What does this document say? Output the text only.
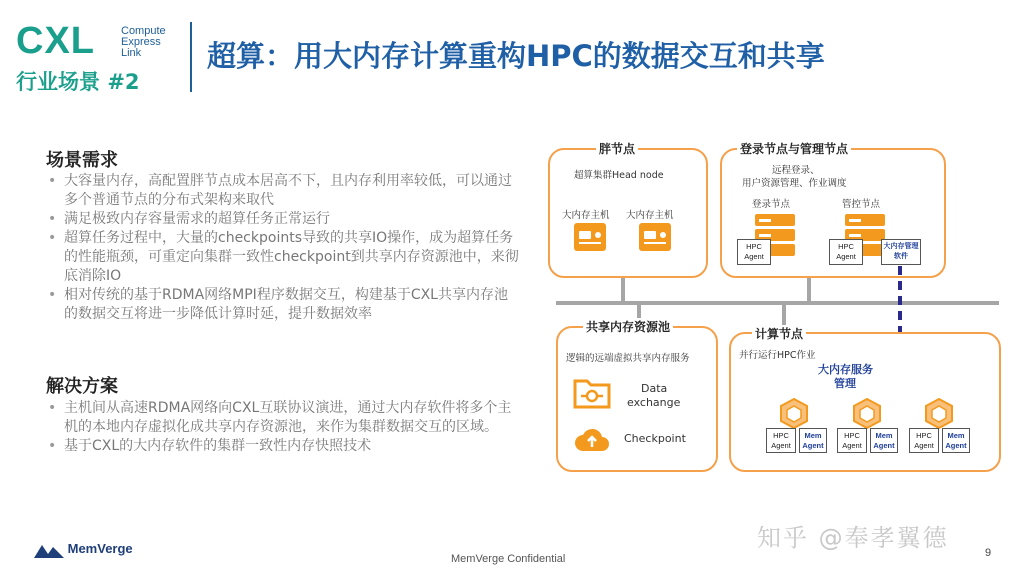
CXL Compute
Express
Link
行业场景 #2
超算：用大内存计算重构HPC的数据交互和共享
场景需求
• 大容量内存，高配置胖节点成本居高不下，且内存利用率较低，可以通过多个普通节点的分布式架构来取代
• 满足极致内存容量需求的超算任务正常运行
• 超算任务过程中，大量的checkpoints导致的共享IO操作，成为超算任务的性能瓶颈，可重定向集群一致性checkpoint到共享内存资源池中，来彻底消除IO
• 相对传统的基于RDMA网络MPI程序数据交互，构建基于CXL共享内存池的数据交互将进一步降低计算时延，提升数据效率
解决方案
• 主机间从高速RDMA网络向CXL互联协议演进，通过大内存软件将多个主机的本地内存虚拟化成共享内存资源池，来作为集群数据交互的区域。
• 基于CXL的大内存软件的集群一致性内存快照技术
胖节点
超算集群Head node
大内存主机 大内存主机
登录节点与管理节点
远程登录、
用户资源管理、作业调度
登录节点	管控节点
HPC Agent
HPC Agent
大内存管理软件
共享内存资源池
逻辑的远端虚拟共享内存服务
Data
exchange
Checkpoint
计算节点
并行运行HPC作业
大内存服务
管理
HPC Agent
Mem Agent
HPC Agent
Mem Agent
HPC Agent
Mem Agent
MemVerge
MemVerge Confidential
知乎 @奉孝翼德
9
